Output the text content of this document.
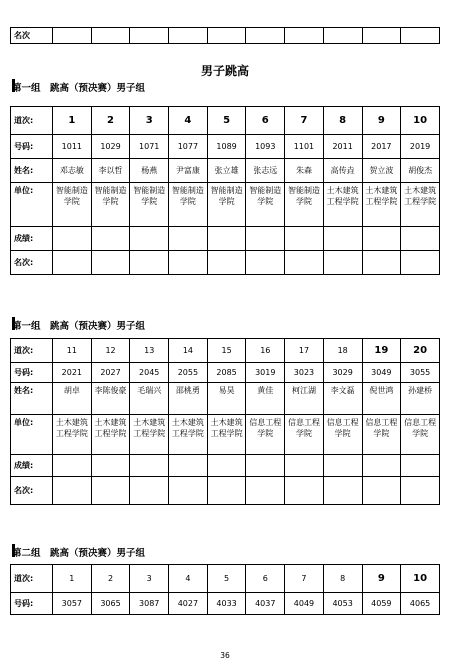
名次										
男子跳高
第一组　跳高（预决赛）男子组
道次:	1	2	3	4	5	6	7	8	9	10
号码:	1011	1029	1071	1077	1089	1093	1101	2011	2017	2019
姓名:	邓志敏	李以哲	杨燕	尹富康	张立雄	张志远	朱森	高传垚	贺立波	胡俊杰
单位:	智能制造学院	智能制造学院	智能制造学院	智能制造学院	智能制造学院	智能制造学院	智能制造学院	土木建筑工程学院	土木建筑工程学院	土木建筑工程学院
成绩:										
名次:										
第一组　跳高（预决赛）男子组
道次:	11	12	13	14	15	16	17	18	19	20
号码:	2021	2027	2045	2055	2085	3019	3023	3029	3049	3055
姓名:	胡卓	李陈俊豪	毛瑞兴	邵桃勇	易昊	黄佳	柯江湖	李文磊	倪世鸿	孙建桥
单位:	土木建筑工程学院	土木建筑工程学院	土木建筑工程学院	土木建筑工程学院	土木建筑工程学院	信息工程学院	信息工程学院	信息工程学院	信息工程学院	信息工程学院
成绩:										
名次:										
第二组　跳高（预决赛）男子组
道次:	1	2	3	4	5	6	7	8	9	10
号码:	3057	3065	3087	4027	4033	4037	4049	4053	4059	4065
36
